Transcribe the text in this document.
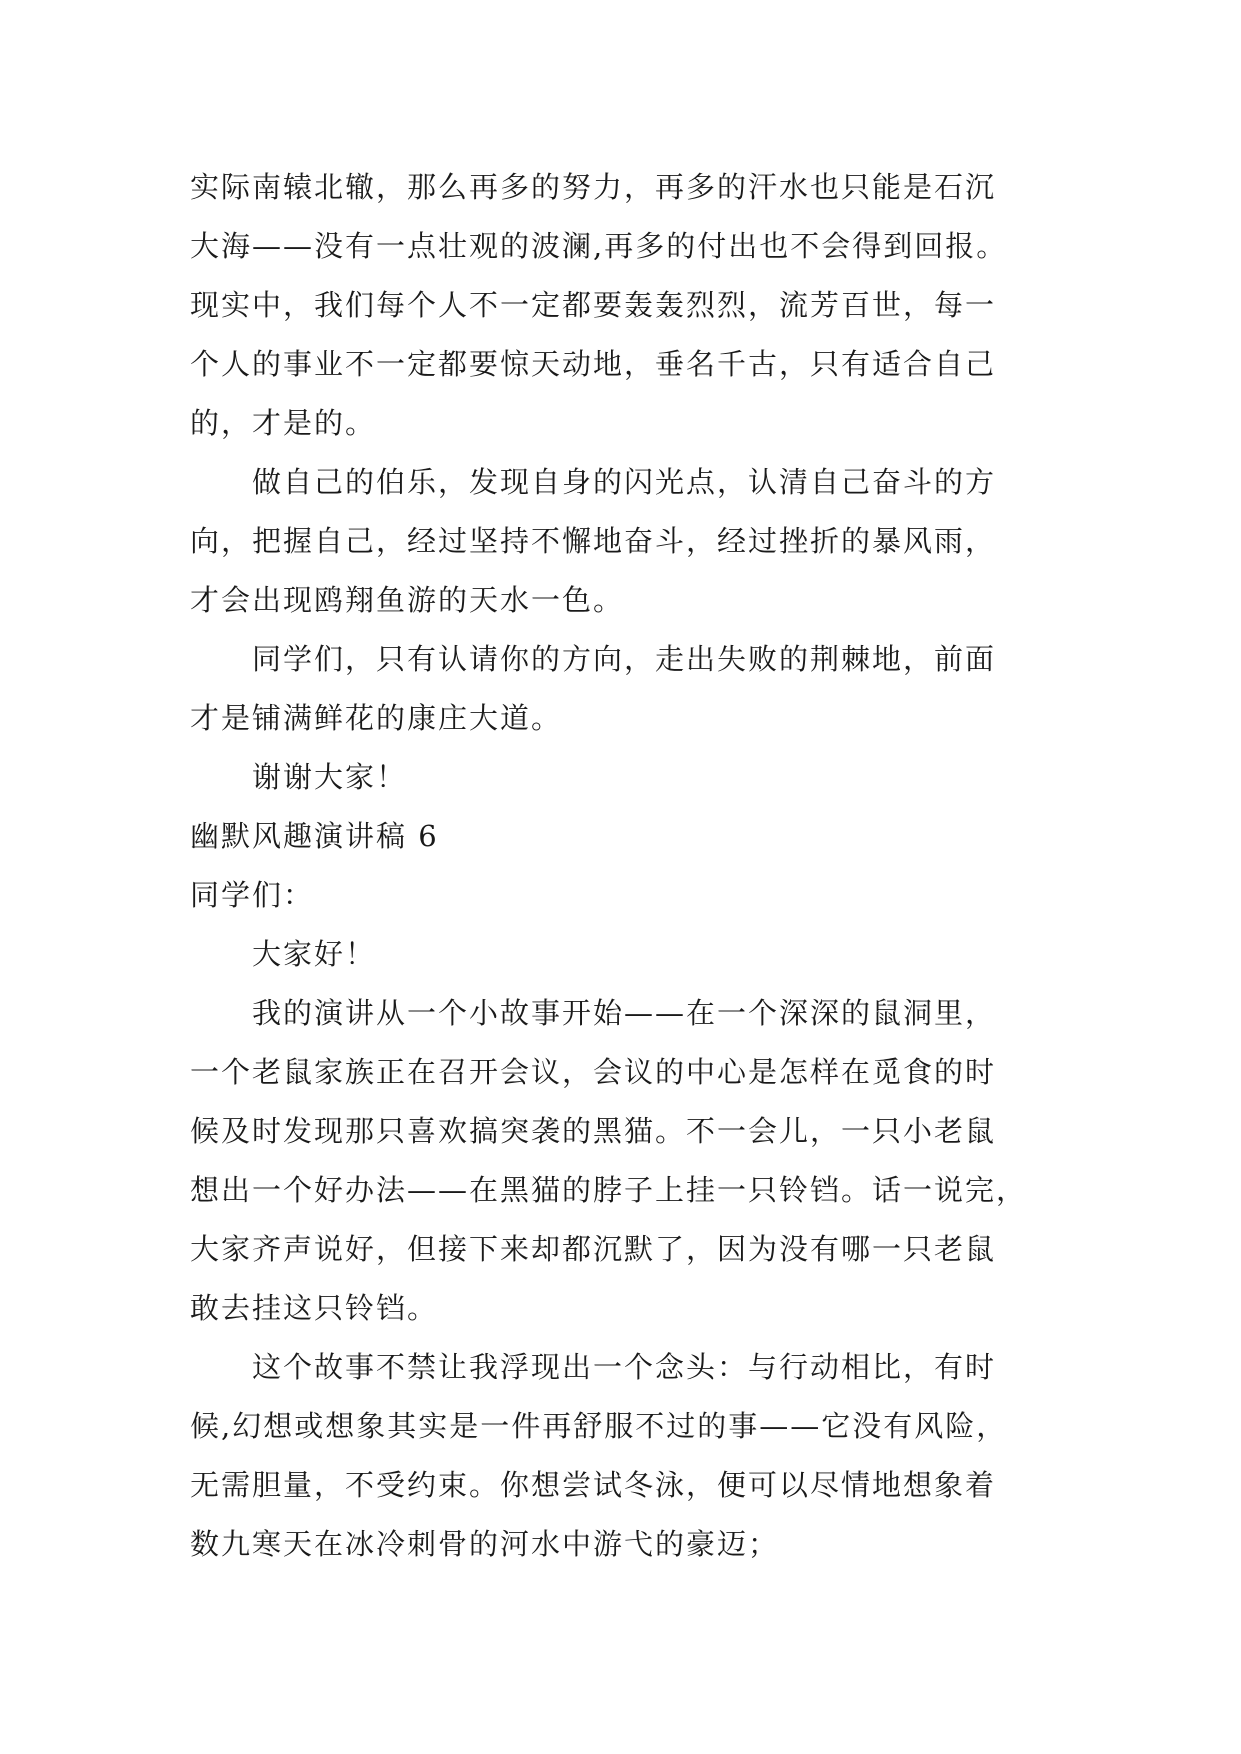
实际南辕北辙，那么再多的努力，再多的汗水也只能是石沉
大海——没有一点壮观的波澜,再多的付出也不会得到回报。
现实中，我们每个人不一定都要轰轰烈烈，流芳百世，每一
个人的事业不一定都要惊天动地，垂名千古，只有适合自己
的，才是的。
做自己的伯乐，发现自身的闪光点，认清自己奋斗的方
向，把握自己，经过坚持不懈地奋斗，经过挫折的暴风雨，
才会出现鸥翔鱼游的天水一色。
同学们，只有认请你的方向，走出失败的荆棘地，前面
才是铺满鲜花的康庄大道。
谢谢大家！
幽默风趣演讲稿 6
同学们：
大家好！
我的演讲从一个小故事开始——在一个深深的鼠洞里，
一个老鼠家族正在召开会议，会议的中心是怎样在觅食的时
候及时发现那只喜欢搞突袭的黑猫。不一会儿，一只小老鼠
想出一个好办法——在黑猫的脖子上挂一只铃铛。话一说完，
大家齐声说好，但接下来却都沉默了，因为没有哪一只老鼠
敢去挂这只铃铛。
这个故事不禁让我浮现出一个念头：与行动相比，有时
候,幻想或想象其实是一件再舒服不过的事——它没有风险，
无需胆量，不受约束。你想尝试冬泳，便可以尽情地想象着
数九寒天在冰冷刺骨的河水中游弋的豪迈；
